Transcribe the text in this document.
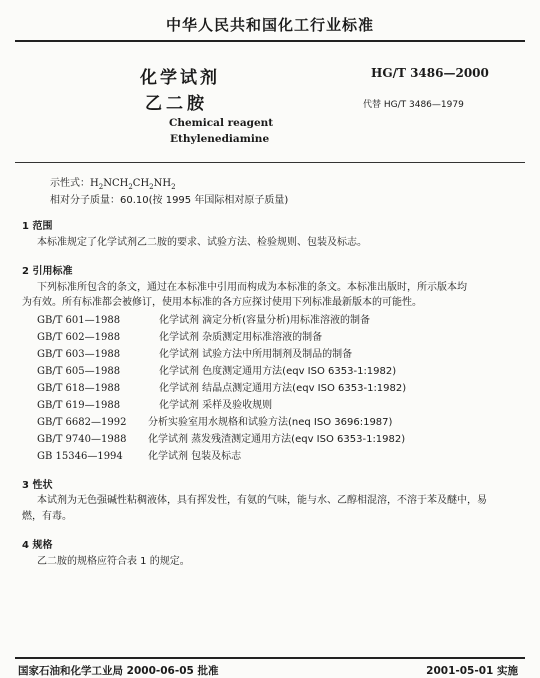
中华人民共和国化工行业标准
化学试剂
乙二胺
HG/T 3486—2000
代替 HG/T 3486—1979
Chemical reagent
Ethylenediamine
示性式：$H_2NCH_2CH_2NH_2$
相对分子质量：60.10(按 1995 年国际相对原子质量)
1 范围
本标准规定了化学试剂乙二胺的要求、试验方法、检验规则、包装及标志。
2 引用标准
下列标准所包含的条文，通过在本标准中引用而构成为本标准的条文。本标准出版时，所示版本均
为有效。所有标准都会被修订，使用本标准的各方应探讨使用下列标准最新版本的可能性。
GB/T 601—1988	化学试剂 滴定分析(容量分析)用标准溶液的制备
GB/T 602—1988	化学试剂 杂质测定用标准溶液的制备
GB/T 603—1988	化学试剂 试验方法中所用制剂及制品的制备
GB/T 605—1988	化学试剂 色度测定通用方法(eqv ISO 6353-1:1982)
GB/T 618—1988	化学试剂 结晶点测定通用方法(eqv ISO 6353-1:1982)
GB/T 619—1988	化学试剂 采样及验收规则
GB/T 6682—1992 分析实验室用水规格和试验方法(neq ISO 3696:1987)
GB/T 9740—1988 化学试剂 蒸发残渣测定通用方法(eqv ISO 6353-1:1982)
GB 15346—1994	化学试剂 包装及标志
3 性状
本试剂为无色强碱性粘稠液体，具有挥发性，有氨的气味，能与水、乙醇相混溶，不溶于苯及醚中，易
燃，有毒。
4 规格
乙二胺的规格应符合表 1 的规定。
国家石油和化学工业局 2000-06-05 批准	2001-05-01 实施
